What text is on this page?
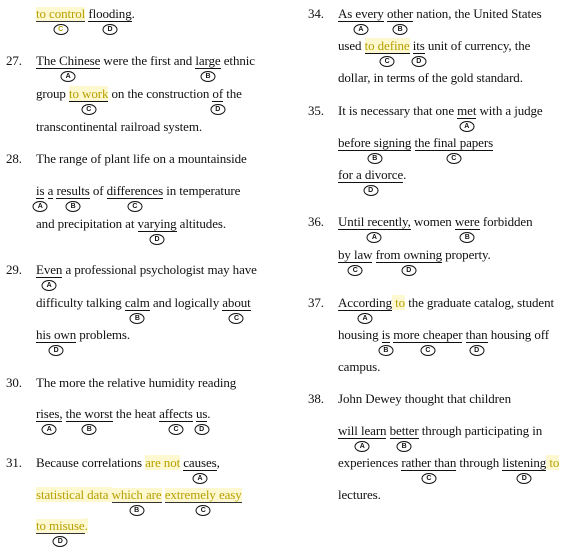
to control
C
flooding
D
.
27. The Chinese
A
were the first and large
B
ethnic
group to work
C
on the construction of
D
the
transcontinental railroad system.
28. The range of plant life on a mountainside
is
A
a results
B
of differences
C
in temperature
and precipitation at varying
D
altitudes.
29. Even
A
a professional psychologist may have
difficulty talking calm
B
and logically about
C
his own
D
problems.
30. The more the relative humidity reading
rises,
A
the worst
B
the heat affects
C
us
D
.
31. Because correlations are not causes
A
,
statistical data which are
B
extremely easy
C
to misuse
D
.
34. As every
A
other
B
nation, the United States
used to define
C
its
D
unit of currency, the
dollar, in terms of the gold standard.
35. It is necessary that one met
A
with a judge
before signing
B
the final papers
C
for a divorce
D
.
36. Until recently,
A
women were
B
forbidden
by law
C
from owning
D
property.
37. According
A
to the graduate catalog, student
housing is
B
more cheaper
C
than
D
housing off
campus.
38. John Dewey thought that children
will learn
A
better
B
through participating in
experiences rather than
C
through listening
D
to
lectures.
